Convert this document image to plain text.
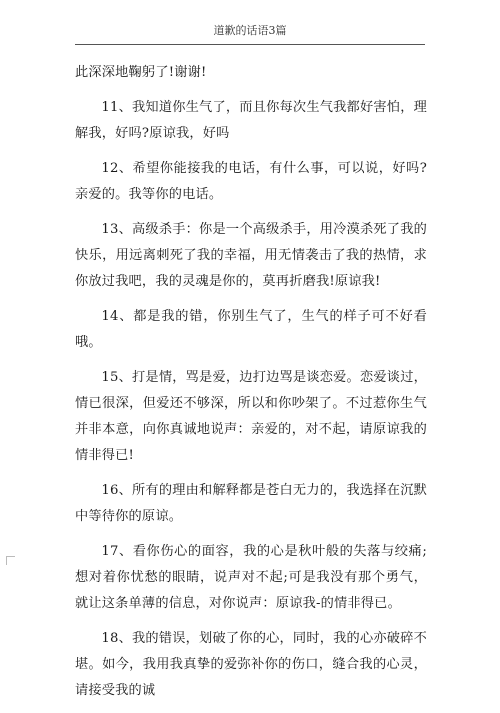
道歉的话语3篇

此深深地鞠躬了!谢谢!

11、我知道你生气了，而且你每次生气我都好害怕，理解我，好吗?原谅我，好吗

12、希望你能接我的电话，有什么事，可以说，好吗?亲爱的。我等你的电话。

13、高级杀手：你是一个高级杀手，用冷漠杀死了我的快乐，用远离刺死了我的幸福，用无情袭击了我的热情，求你放过我吧，我的灵魂是你的，莫再折磨我!原谅我!

14、都是我的错，你别生气了，生气的样子可不好看哦。

15、打是情，骂是爱，边打边骂是谈恋爱。恋爱谈过，情已很深，但爱还不够深，所以和你吵架了。不过惹你生气并非本意，向你真诚地说声：亲爱的，对不起，请原谅我的情非得已!

16、所有的理由和解释都是苍白无力的，我选择在沉默中等待你的原谅。

17、看你伤心的面容，我的心是秋叶般的失落与绞痛;想对着你忧愁的眼睛，说声对不起;可是我没有那个勇气，就让这条单薄的信息，对你说声：原谅我-的情非得已。

18、我的错误，划破了你的心，同时，我的心亦破碎不堪。如今，我用我真挚的爱弥补你的伤口，缝合我的心灵，请接受我的诚
